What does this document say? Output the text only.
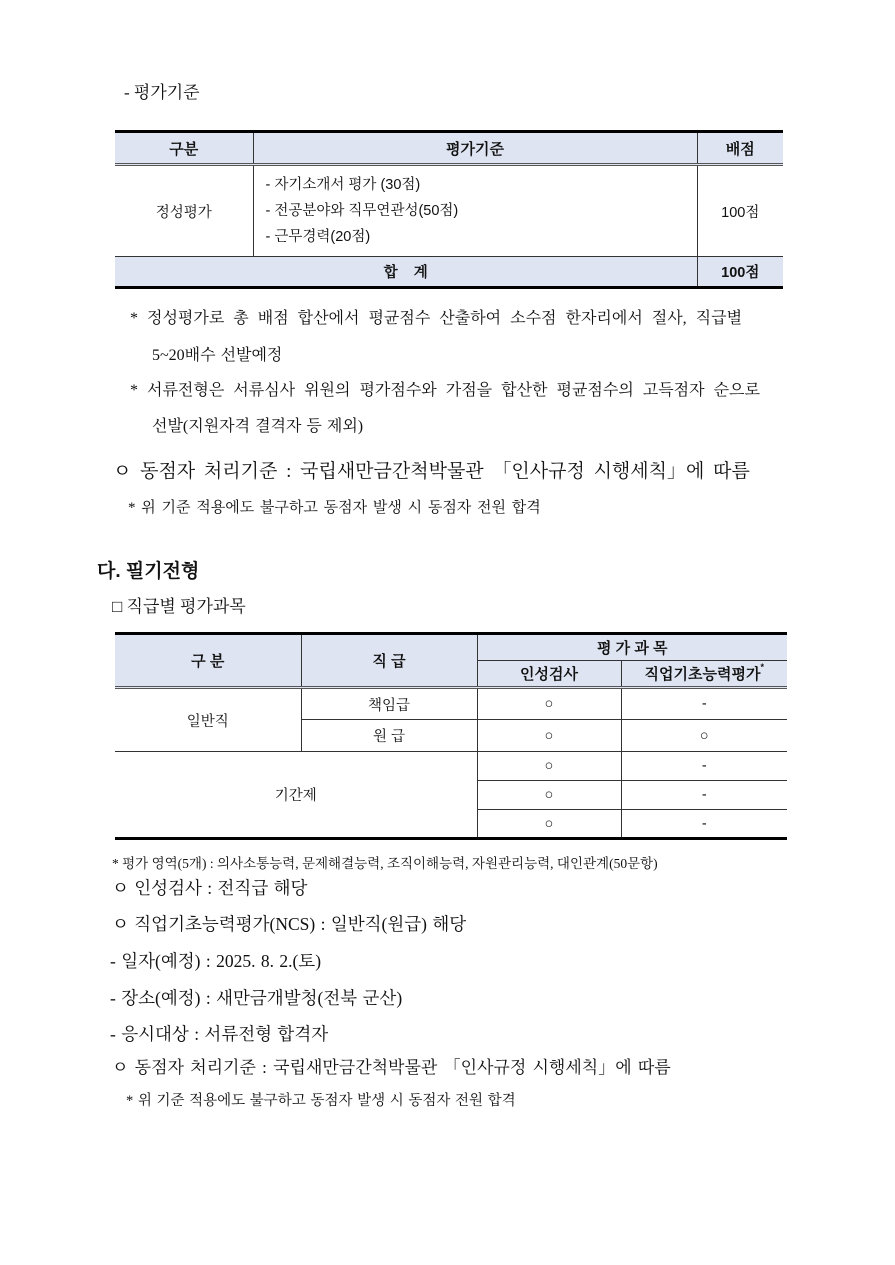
- 평가기준
구분	평가기준	배점
정성평가	- 자기소개서 평가 (30점)
- 전공분야와 직무연관성(50점)
- 근무경력(20점)	100점
합    계		100점
* 정성평가로 총 배점 합산에서 평균점수 산출하여 소수점 한자리에서 절사, 직급별
5~20배수 선발예정
* 서류전형은 서류심사 위원의 평가점수와 가점을 합산한 평균점수의 고득점자 순으로
선발(지원자격 결격자 등 제외)
ㅇ 동점자 처리기준 : 국립새만금간척박물관 「인사규정 시행세칙」에 따름
* 위 기준 적용에도 불구하고 동점자 발생 시 동점자 전원 합격
다. 필기전형
□ 직급별 평가과목
구 분	직 급	평 가 과 목	
		인성검사	직업기초능력평가*
일반직	책임급	○	-
	원 급	○	○
기간제		○	-
		○	-
		○	-
* 평가 영역(5개) : 의사소통능력, 문제해결능력, 조직이해능력, 자원관리능력, 대인관계(50문항)
ㅇ 인성검사 : 전직급 해당
ㅇ 직업기초능력평가(NCS) : 일반직(원급) 해당
- 일자(예정) : 2025. 8. 2.(토)
- 장소(예정) : 새만금개발청(전북 군산)
- 응시대상 : 서류전형 합격자
ㅇ 동점자 처리기준 : 국립새만금간척박물관 「인사규정 시행세칙」에 따름
* 위 기준 적용에도 불구하고 동점자 발생 시 동점자 전원 합격
